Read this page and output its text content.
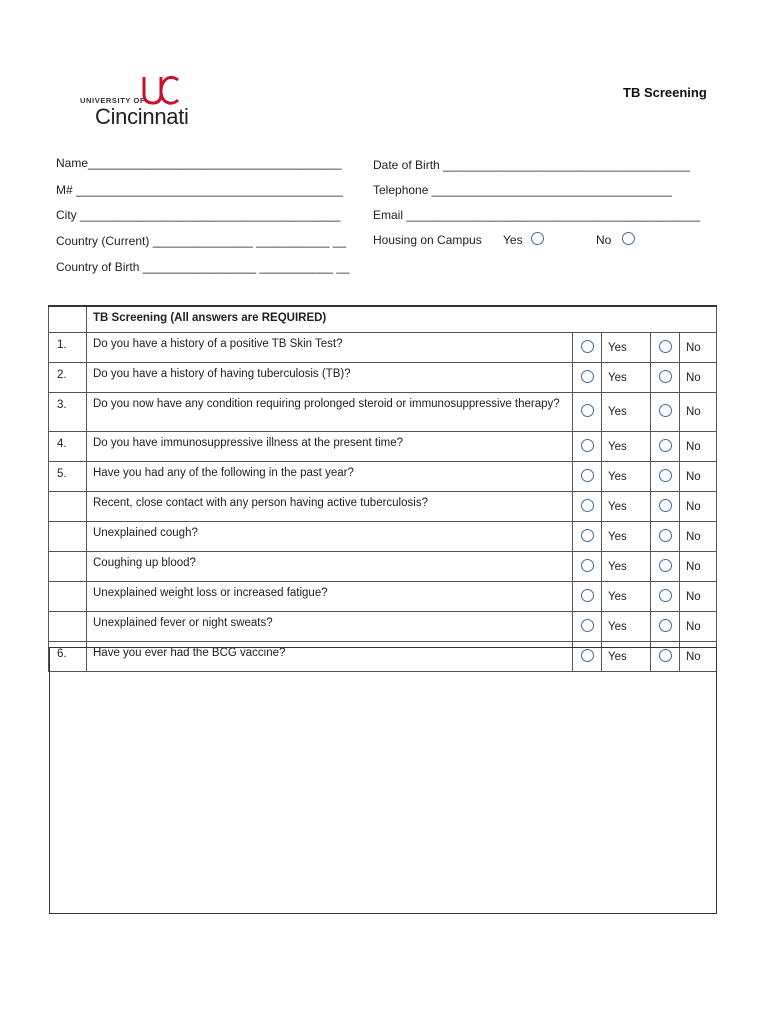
UNIVERSITY OF
Cincinnati
TB Screening
Name______________________________________	Date of Birth _____________________________________
M# ________________________________________	Telephone ____________________________________
City _______________________________________	Email ____________________________________________
Country (Current) _______________ ___________ __ Housing on Campus Yes	No
Country of Birth _________________ ___________ __
	TB Screening (All answers are REQUIRED)				
1.	Do you have a history of a positive TB Skin Test?		Yes		No
2.	Do you have a history of having tuberculosis (TB)?		Yes		No
3.	Do you now have any condition requiring prolonged steroid or immunosuppressive therapy?		Yes		No
4.	Do you have immunosuppressive illness at the present time?		Yes		No
5.	Have you had any of the following in the past year?		Yes		No
	Recent, close contact with any person having active tuberculosis?		Yes		No
	Unexplained cough?		Yes		No
	Coughing up blood?		Yes		No
	Unexplained weight loss or increased fatigue?		Yes		No
	Unexplained fever or night sweats?		Yes		No
6.	Have you ever had the BCG vaccine?		Yes		No
